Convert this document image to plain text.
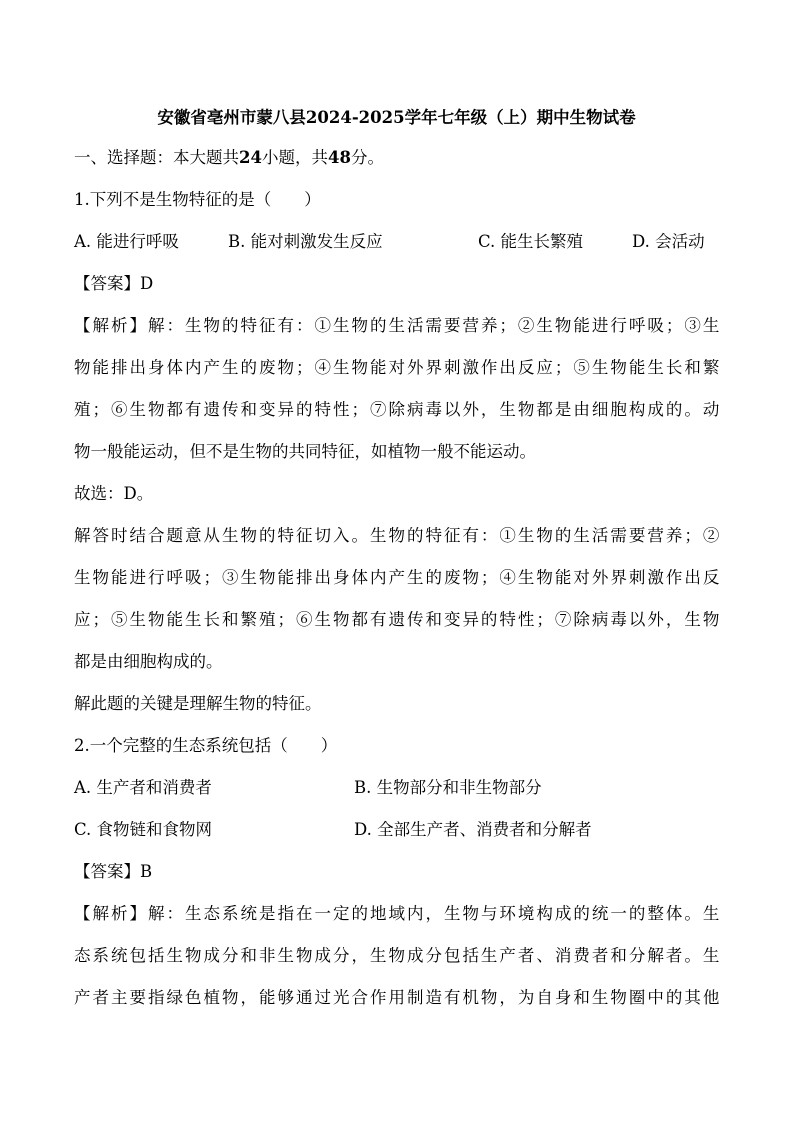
安徽省亳州市蒙八县2024-2025学年七年级（上）期中生物试卷
一、选择题：本大题共24小题，共48分。
1.下列不是生物特征的是（　　）
A. 能进行呼吸	B. 能对刺激发生反应	C. 能生长繁殖	D. 会活动
【答案】D
【解析】解：生物的特征有：①生物的生活需要营养；②生物能进行呼吸；③生
物能排出身体内产生的废物；④生物能对外界刺激作出反应；⑤生物能生长和繁
殖；⑥生物都有遗传和变异的特性；⑦除病毒以外，生物都是由细胞构成的。动
物一般能运动，但不是生物的共同特征，如植物一般不能运动。
故选：D。
解答时结合题意从生物的特征切入。生物的特征有：①生物的生活需要营养；②
生物能进行呼吸；③生物能排出身体内产生的废物；④生物能对外界刺激作出反
应；⑤生物能生长和繁殖；⑥生物都有遗传和变异的特性；⑦除病毒以外，生物
都是由细胞构成的。
解此题的关键是理解生物的特征。
2.一个完整的生态系统包括（　　）
A. 生产者和消费者	B. 生物部分和非生物部分
C. 食物链和食物网	D. 全部生产者、消费者和分解者
【答案】B
【解析】解：生态系统是指在一定的地域内，生物与环境构成的统一的整体。生
态系统包括生物成分和非生物成分，生物成分包括生产者、消费者和分解者。生
产者主要指绿色植物，能够通过光合作用制造有机物，为自身和生物圈中的其他
